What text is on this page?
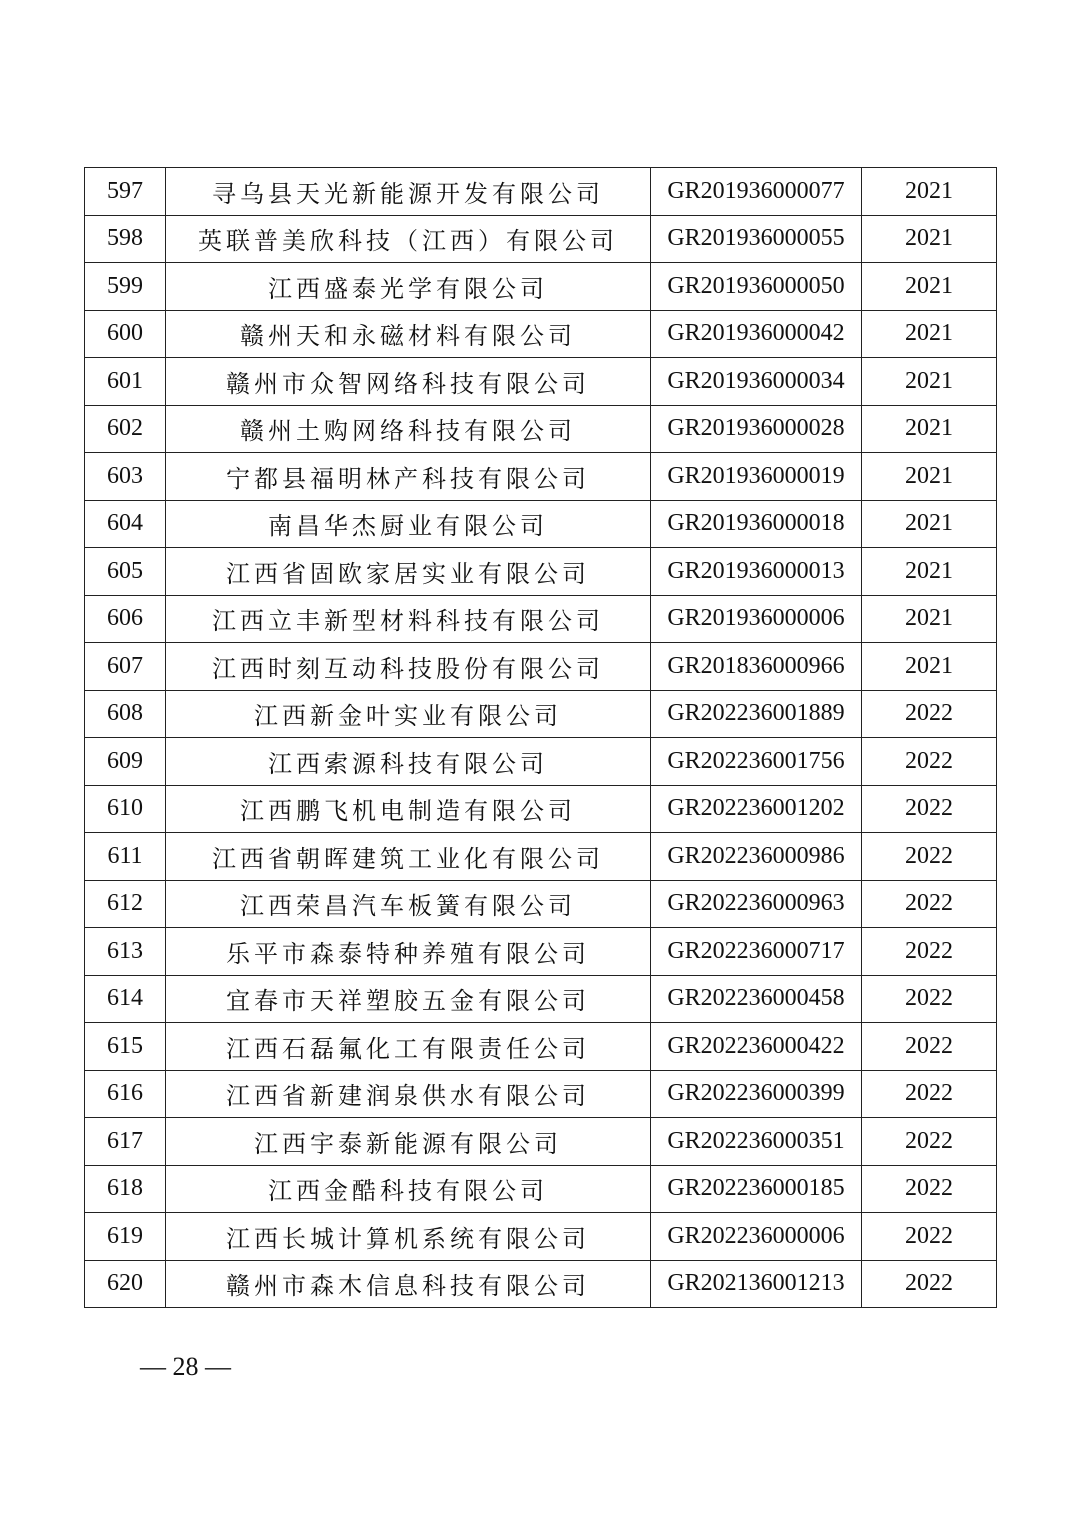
597	寻乌县天光新能源开发有限公司	GR201936000077	2021
598	英联普美欣科技（江西）有限公司	GR201936000055	2021
599	江西盛泰光学有限公司	GR201936000050	2021
600	赣州天和永磁材料有限公司	GR201936000042	2021
601	赣州市众智网络科技有限公司	GR201936000034	2021
602	赣州土购网络科技有限公司	GR201936000028	2021
603	宁都县福明林产科技有限公司	GR201936000019	2021
604	南昌华杰厨业有限公司	GR201936000018	2021
605	江西省固欧家居实业有限公司	GR201936000013	2021
606	江西立丰新型材料科技有限公司	GR201936000006	2021
607	江西时刻互动科技股份有限公司	GR201836000966	2021
608	江西新金叶实业有限公司	GR202236001889	2022
609	江西索源科技有限公司	GR202236001756	2022
610	江西鹏飞机电制造有限公司	GR202236001202	2022
611	江西省朝晖建筑工业化有限公司	GR202236000986	2022
612	江西荣昌汽车板簧有限公司	GR202236000963	2022
613	乐平市森泰特种养殖有限公司	GR202236000717	2022
614	宜春市天祥塑胶五金有限公司	GR202236000458	2022
615	江西石磊氟化工有限责任公司	GR202236000422	2022
616	江西省新建润泉供水有限公司	GR202236000399	2022
617	江西宇泰新能源有限公司	GR202236000351	2022
618	江西金酷科技有限公司	GR202236000185	2022
619	江西长城计算机系统有限公司	GR202236000006	2022
620	赣州市森木信息科技有限公司	GR202136001213	2022
— 28 —
